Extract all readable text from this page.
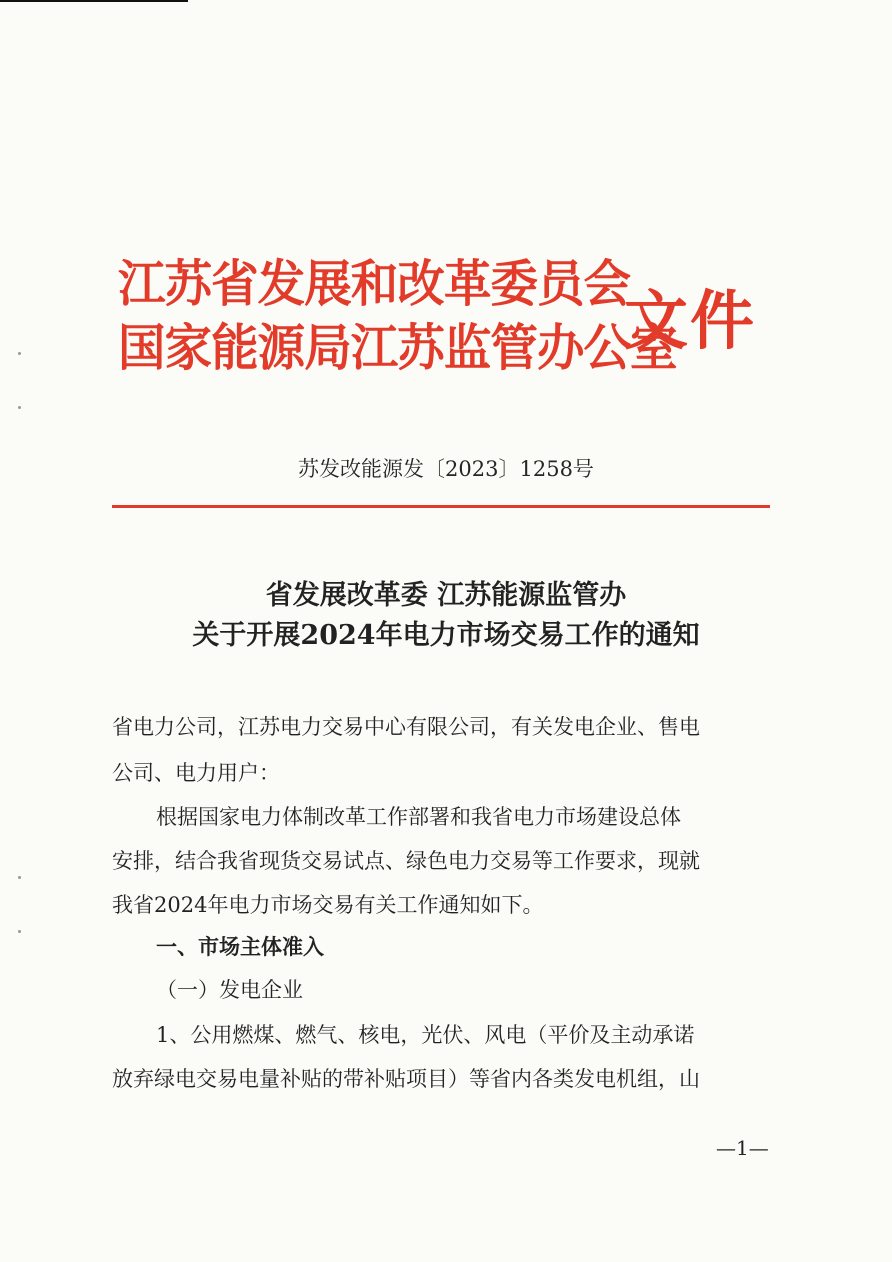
江苏省发展和改革委员会
国家能源局江苏监管办公室
文件
苏发改能源发〔2023〕1258号
省发展改革委 江苏能源监管办
关于开展2024年电力市场交易工作的通知
省电力公司，江苏电力交易中心有限公司，有关发电企业、售电
公司、电力用户：
根据国家电力体制改革工作部署和我省电力市场建设总体
安排，结合我省现货交易试点、绿色电力交易等工作要求，现就
我省2024年电力市场交易有关工作通知如下。
一、市场主体准入
（一）发电企业
1、公用燃煤、燃气、核电，光伏、风电（平价及主动承诺
放弃绿电交易电量补贴的带补贴项目）等省内各类发电机组，山
—1—
